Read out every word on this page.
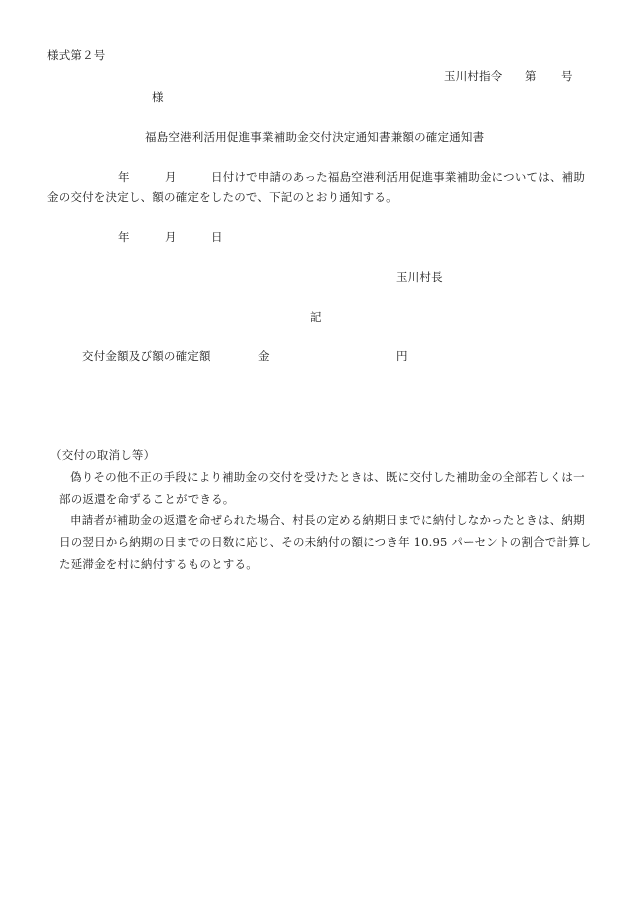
様式第２号
玉川村指令 第 号
様
福島空港利活用促進事業補助金交付決定通知書兼額の確定通知書
年	月	日付けで申請のあった福島空港利活用促進事業補助金については、補助
金の交付を決定し、額の確定をしたので、下記のとおり通知する。
年	月	日
玉川村長
記
交付金額及び額の確定額	金	円
（交付の取消し等）
偽りその他不正の手段により補助金の交付を受けたときは、既に交付した補助金の全部若しくは一
部の返還を命ずることができる。
申請者が補助金の返還を命ぜられた場合、村長の定める納期日までに納付しなかったときは、納期
日の翌日から納期の日までの日数に応じ、その未納付の額につき年 10.95 パーセントの割合で計算し
た延滞金を村に納付するものとする。
